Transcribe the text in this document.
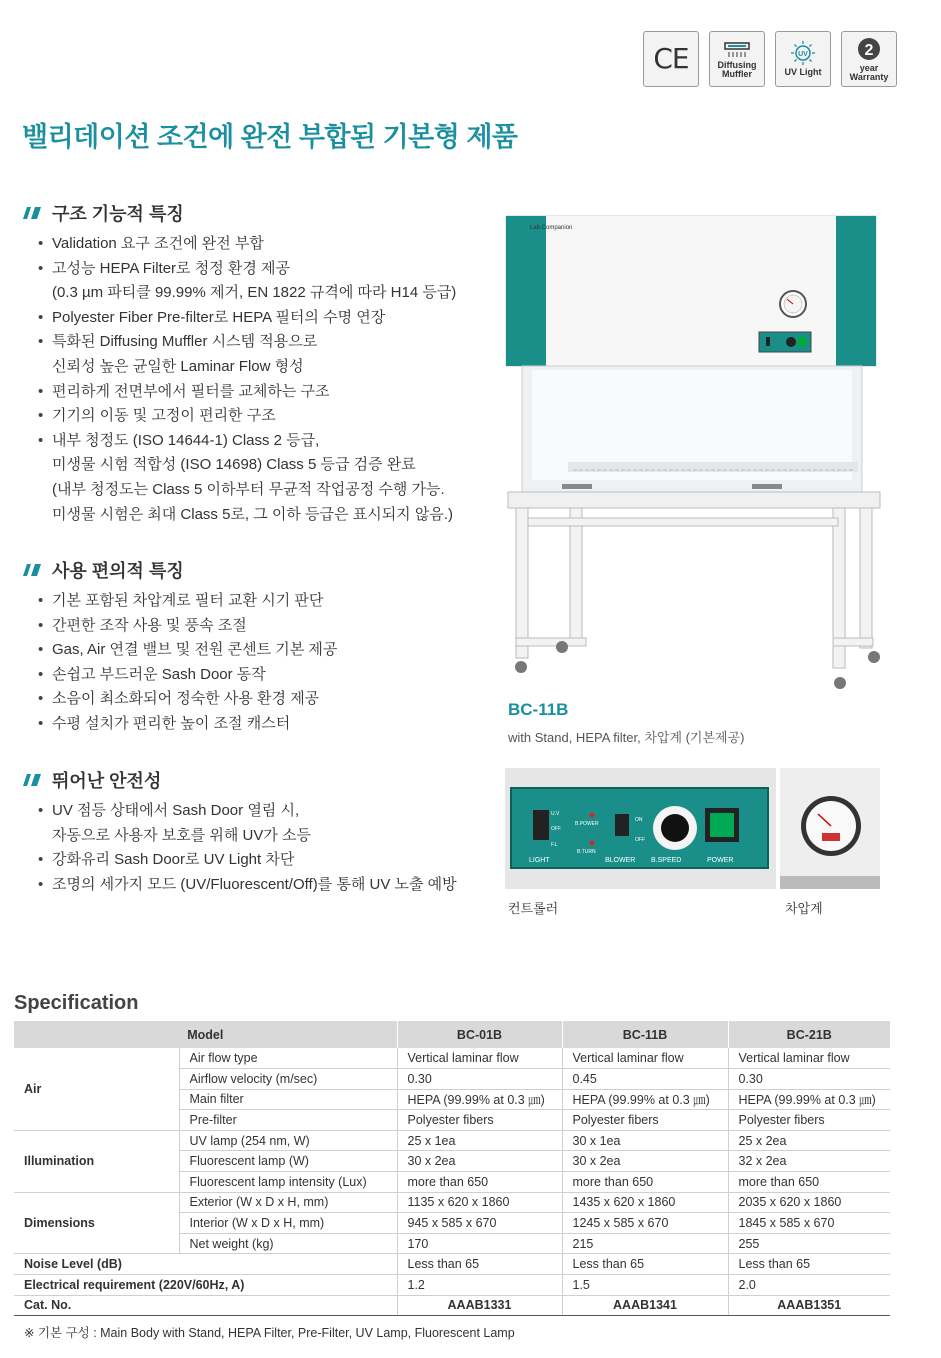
CE	Diffusing Muffler
UV
UV Light
2
year Warranty
밸리데이션 조건에 완전 부합된 기본형 제품
구조 기능적 특징
• Validation 요구 조건에 완전 부합
• 고성능 HEPA Filter로 청정 환경 제공
(0.3 µm 파티클 99.99% 제거, EN 1822 규격에 따라 H14 등급)
• Polyester Fiber Pre-filter로 HEPA 필터의 수명 연장
• 특화된 Diffusing Muffler 시스템 적용으로
신뢰성 높은 균일한 Laminar Flow 형성
• 편리하게 전면부에서 필터를 교체하는 구조
• 기기의 이동 및 고정이 편리한 구조
• 내부 청정도 (ISO 14644-1) Class 2 등급,
미생물 시험 적합성 (ISO 14698) Class 5 등급 검증 완료
(내부 청정도는 Class 5 이하부터 무균적 작업공정 수행 가능.
미생물 시험은 최대 Class 5로, 그 이하 등급은 표시되지 않음.)
사용 편의적 특징
• 기본 포함된 차압계로 필터 교환 시기 판단
• 간편한 조작 사용 및 풍속 조절
• Gas, Air 연결 밸브 및 전원 콘센트 기본 제공
• 손쉽고 부드러운 Sash Door 동작
• 소음이 최소화되어 정숙한 사용 환경 제공
• 수평 설치가 편리한 높이 조절 캐스터
뛰어난 안전성
• UV 점등 상태에서 Sash Door 열림 시,
자동으로 사용자 보호를 위해 UV가 소등
• 강화유리 Sash Door로 UV Light 차단
• 조명의 세가지 모드 (UV/Fluorescent/Off)를 통해 UV 노출 예방
Lab Companion
BC-11B
with Stand, HEPA filter, 차압계 (기본제공)
LIGHT	BLOWER B.SPEED	POWER
B.POWER
B.TURN
U.V
OFF
F.L
ON
OFF
컨트롤러	차압계
Specification
Model		BC-01B	BC-11B	BC-21B
Air	Air flow type	Vertical laminar flow	Vertical laminar flow	Vertical laminar flow
	Airflow velocity (m/sec)	0.30	0.45	0.30
	Main filter	HEPA (99.99% at 0.3 ㎛)	HEPA (99.99% at 0.3 ㎛)	HEPA (99.99% at 0.3 ㎛)
	Pre-filter	Polyester fibers	Polyester fibers	Polyester fibers
Illumination	UV lamp (254 nm, W)	25 x 1ea	30 x 1ea	25 x 2ea
	Fluorescent lamp (W)	30 x 2ea	30 x 2ea	32 x 2ea
	Fluorescent lamp intensity (Lux)	more than 650	more than 650	more than 650
Dimensions	Exterior (W x D x H, mm)	1135 x 620 x 1860	1435 x 620 x 1860	2035 x 620 x 1860
	Interior (W x D x H, mm)	945 x 585 x 670	1245 x 585 x 670	1845 x 585 x 670
	Net weight (kg)	170	215	255
Noise Level (dB)		Less than 65	Less than 65	Less than 65
Electrical requirement (220V/60Hz, A)		1.2	1.5	2.0
Cat. No.		AAAB1331	AAAB1341	AAAB1351
※ 기본 구성 : Main Body with Stand, HEPA Filter, Pre-Filter, UV Lamp, Fluorescent Lamp
